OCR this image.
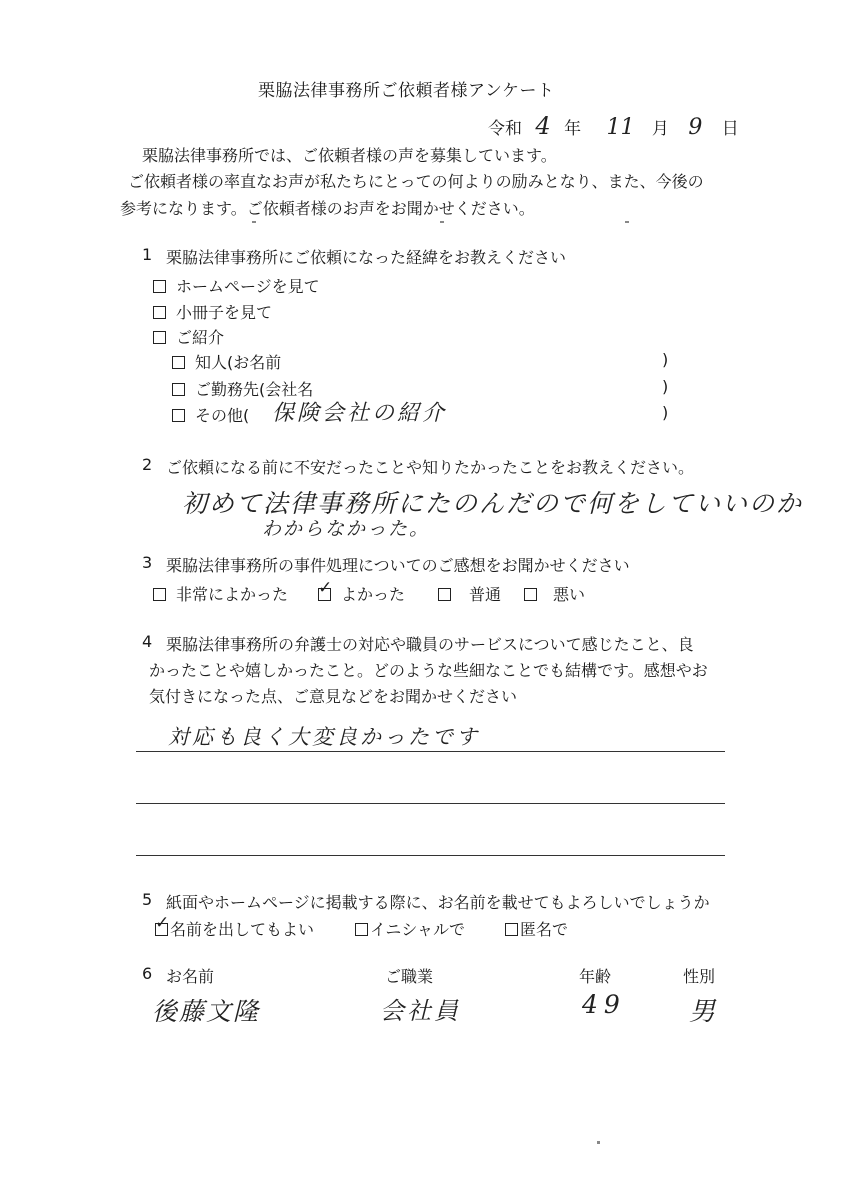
栗脇法律事務所ご依頼者様アンケート
令和 4 年 11 月 9 日
栗脇法律事務所では、ご依頼者様の声を募集しています。
ご依頼者様の率直なお声が私たちにとっての何よりの励みとなり、また、今後の
参考になります。ご依頼者様のお声をお聞かせください。
1 栗脇法律事務所にご依頼になった経緯をお教えください
ホームページを見て
小冊子を見て
ご紹介
知人(お名前	)
ご勤務先(会社名	)
その他( 保険会社の紹介	)
2 ご依頼になる前に不安だったことや知りたかったことをお教えください。
初めて法律事務所にたのんだので何をしていいのか
わからなかった。
3 栗脇法律事務所の事件処理についてのご感想をお聞かせください
非常によかった ✓ よかった	普通	悪い
4 栗脇法律事務所の弁護士の対応や職員のサービスについて感じたこと、良
かったことや嬉しかったこと。どのような些細なことでも結構です。感想やお
気付きになった点、ご意見などをお聞かせください
対応も良く大変良かったです
5 紙面やホームページに掲載する際に、お名前を載せてもよろしいでしょうか
✓ 名前を出してもよい	イニシャルで	匿名で
6 お名前	ご職業	年齢	性別
後藤文隆	会社員	49 男
